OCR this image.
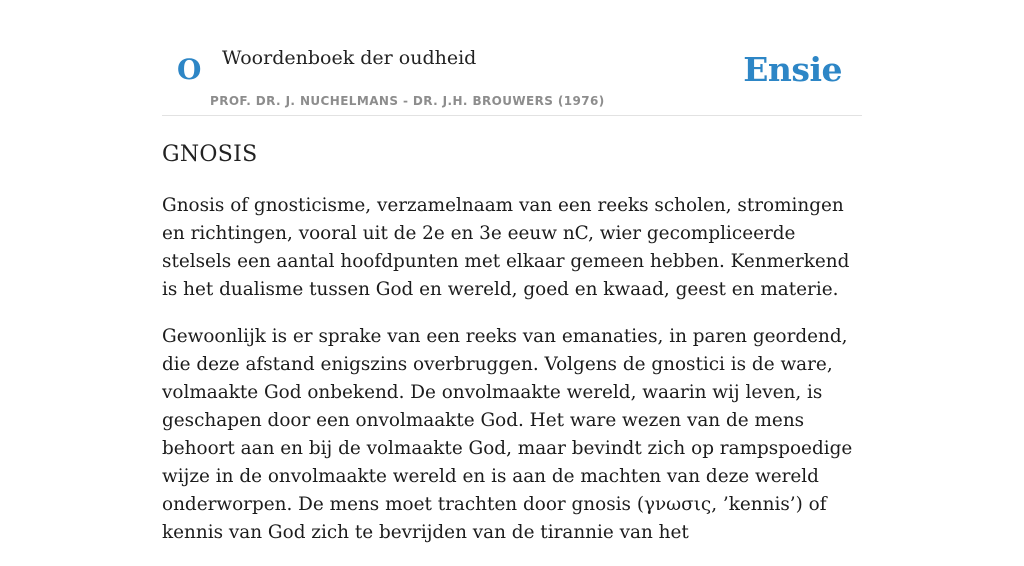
O Woordenboek der oudheid
PROF. DR. J. NUCHELMANS - DR. J.H. BROUWERS (1976)
Ensie
GNOSIS

Gnosis of gnosticisme, verzamelnaam van een reeks scholen, stromingen en richtingen, vooral uit de 2e en 3e eeuw nC, wier gecompliceerde stelsels een aantal hoofdpunten met elkaar gemeen hebben. Kenmerkend is het dualisme tussen God en wereld, goed en kwaad, geest en materie.

Gewoonlijk is er sprake van een reeks van emanaties, in paren geordend, die deze afstand enigszins overbruggen. Volgens de gnostici is de ware, volmaakte God onbekend. De onvolmaakte wereld, waarin wij leven, is geschapen door een onvolmaakte God. Het ware wezen van de mens behoort aan en bij de volmaakte God, maar bevindt zich op rampspoedige wijze in de onvolmaakte wereld en is aan de machten van deze wereld onderworpen. De mens moet trachten door gnosis (γνωσις, ’kennis’) of kennis van God zich te bevrijden van de tirannie van het
